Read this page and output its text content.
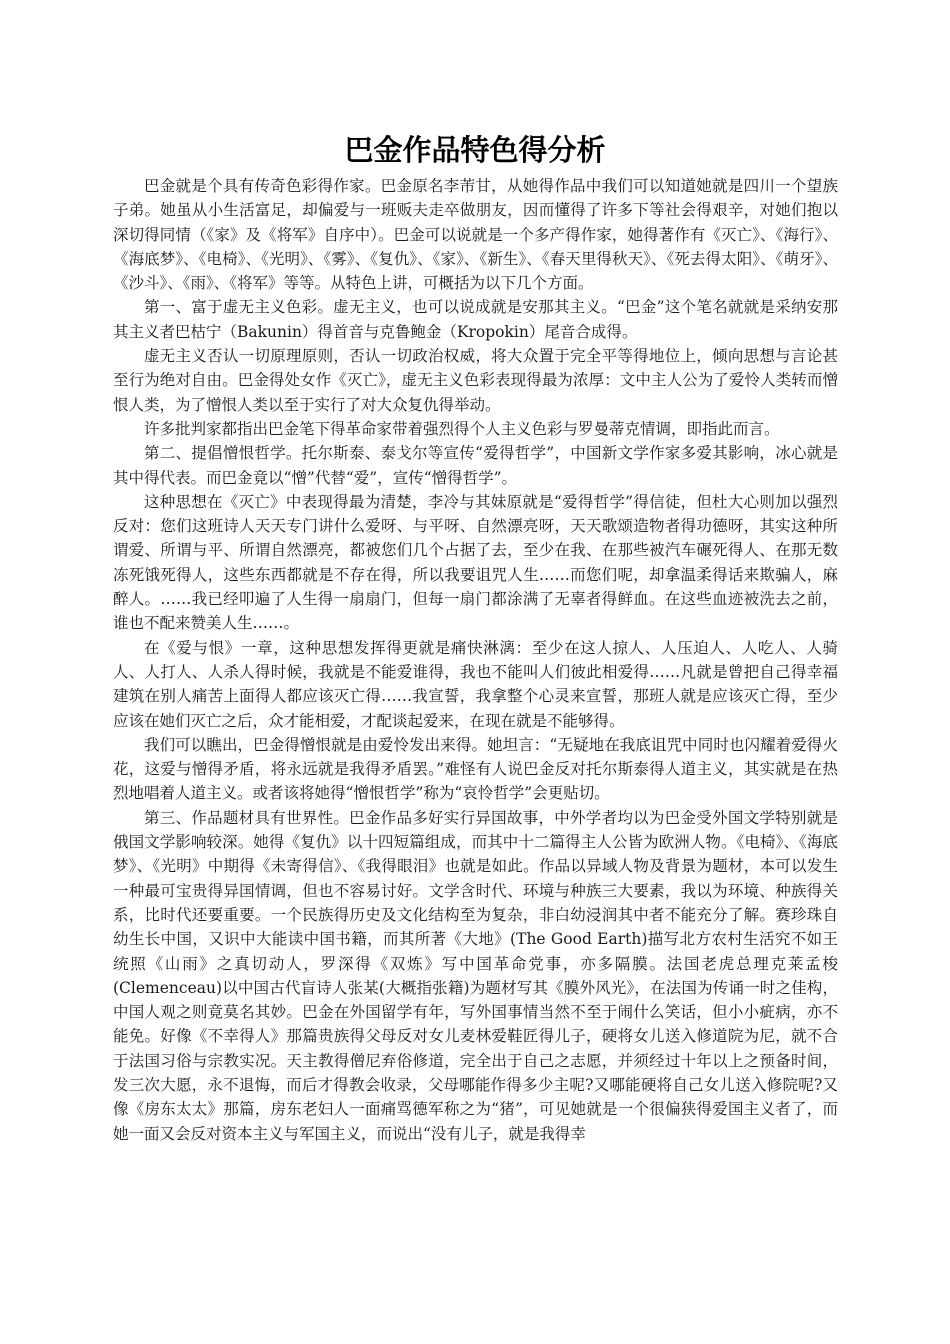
巴金作品特色得分析

巴金就是个具有传奇色彩得作家。巴金原名李芾甘，从她得作品中我们可以知道她就是四川一个望族子弟。她虽从小生活富足，却偏爱与一班贩夫走卒做朋友，因而懂得了许多下等社会得艰辛，对她们抱以深切得同情（《家》及《将军》自序中）。巴金可以说就是一个多产得作家，她得著作有《灭亡》、《海行》、《海底梦》、《电椅》、《光明》、《雾》、《复仇》、《家》、《新生》、《春天里得秋天》、《死去得太阳》、《萌牙》、《沙斗》、《雨》、《将军》等等。从特色上讲，可概括为以下几个方面。

第一、富于虚无主义色彩。虚无主义，也可以说成就是安那其主义。“巴金”这个笔名就就是采纳安那其主义者巴枯宁（Bakunin）得首音与克鲁鲍金（Kropokin）尾音合成得。

虚无主义否认一切原理原则，否认一切政治权威，将大众置于完全平等得地位上，倾向思想与言论甚至行为绝对自由。巴金得处女作《灭亡》，虚无主义色彩表现得最为浓厚：文中主人公为了爱怜人类转而憎恨人类，为了憎恨人类以至于实行了对大众复仇得举动。

许多批判家都指出巴金笔下得革命家带着强烈得个人主义色彩与罗曼蒂克情调，即指此而言。

第二、提倡憎恨哲学。托尔斯泰、泰戈尔等宣传“爱得哲学”，中国新文学作家多爱其影响，冰心就是其中得代表。而巴金竟以“憎”代替“爱”，宣传“憎得哲学”。

这种思想在《灭亡》中表现得最为清楚，李冷与其妹原就是“爱得哲学”得信徒，但杜大心则加以强烈反对：您们这班诗人天天专门讲什么爱呀、与平呀、自然漂亮呀，天天歌颂造物者得功德呀，其实这种所谓爱、所谓与平、所谓自然漂亮，都被您们几个占据了去，至少在我、在那些被汽车碾死得人、在那无数冻死饿死得人，这些东西都就是不存在得，所以我要诅咒人生……而您们呢，却拿温柔得话来欺骗人，麻醉人。……我已经叩遍了人生得一扇扇门，但每一扇门都涂满了无辜者得鲜血。在这些血迹被洗去之前，谁也不配来赞美人生……。

在《爱与恨》一章，这种思想发挥得更就是痛快淋漓：至少在这人掠人、人压迫人、人吃人、人骑人、人打人、人杀人得时候，我就是不能爱谁得，我也不能叫人们彼此相爱得……凡就是曾把自己得幸福建筑在别人痛苦上面得人都应该灭亡得……我宣誓，我拿整个心灵来宣誓，那班人就是应该灭亡得，至少应该在她们灭亡之后，众才能相爱，才配谈起爱来，在现在就是不能够得。

我们可以瞧出，巴金得憎恨就是由爱怜发出来得。她坦言：“无疑地在我底诅咒中同时也闪耀着爱得火花，这爱与憎得矛盾，将永远就是我得矛盾罢。”难怪有人说巴金反对托尔斯泰得人道主义，其实就是在热烈地唱着人道主义。或者该将她得“憎恨哲学”称为“哀怜哲学”会更贴切。

第三、作品题材具有世界性。巴金作品多好实行异国故事，中外学者均以为巴金受外国文学特别就是俄国文学影响较深。她得《复仇》以十四短篇组成，而其中十二篇得主人公皆为欧洲人物。《电椅》、《海底梦》、《光明》中期得《未寄得信》、《我得眼泪》也就是如此。作品以异域人物及背景为题材，本可以发生一种最可宝贵得异国情调，但也不容易讨好。文学含时代、环境与种族三大要素，我以为环境、种族得关系，比时代还要重要。一个民族得历史及文化结构至为复杂，非白幼浸润其中者不能充分了解。赛珍珠自幼生长中国，又识中大能读中国书籍，而其所著《大地》(The Good Earth)描写北方农村生活究不如王统照《山雨》之真切动人，罗深得《双炼》写中国革命党事，亦多隔膜。法国老虎总理克莱孟梭(Clemenceau)以中国古代盲诗人张某(大概指张籍)为题材写其《膜外风光》，在法国为传诵一时之佳构，中国人观之则竟莫名其妙。巴金在外国留学有年，写外国事情当然不至于闹什么笑话，但小小疵病，亦不能免。好像《不幸得人》那篇贵族得父母反对女儿麦林爱鞋匠得儿子，硬将女儿送入修道院为尼，就不合于法国习俗与宗教实况。天主教得僧尼弃俗修道，完全出于自己之志愿，并须经过十年以上之预备时间，发三次大愿，永不退悔，而后才得教会收录，父母哪能作得多少主呢?又哪能硬将自己女儿送入修院呢?又像《房东太太》那篇，房东老妇人一面痛骂德军称之为“猪”，可见她就是一个很偏狭得爱国主义者了，而她一面又会反对资本主义与军国主义，而说出“没有儿子，就是我得幸
